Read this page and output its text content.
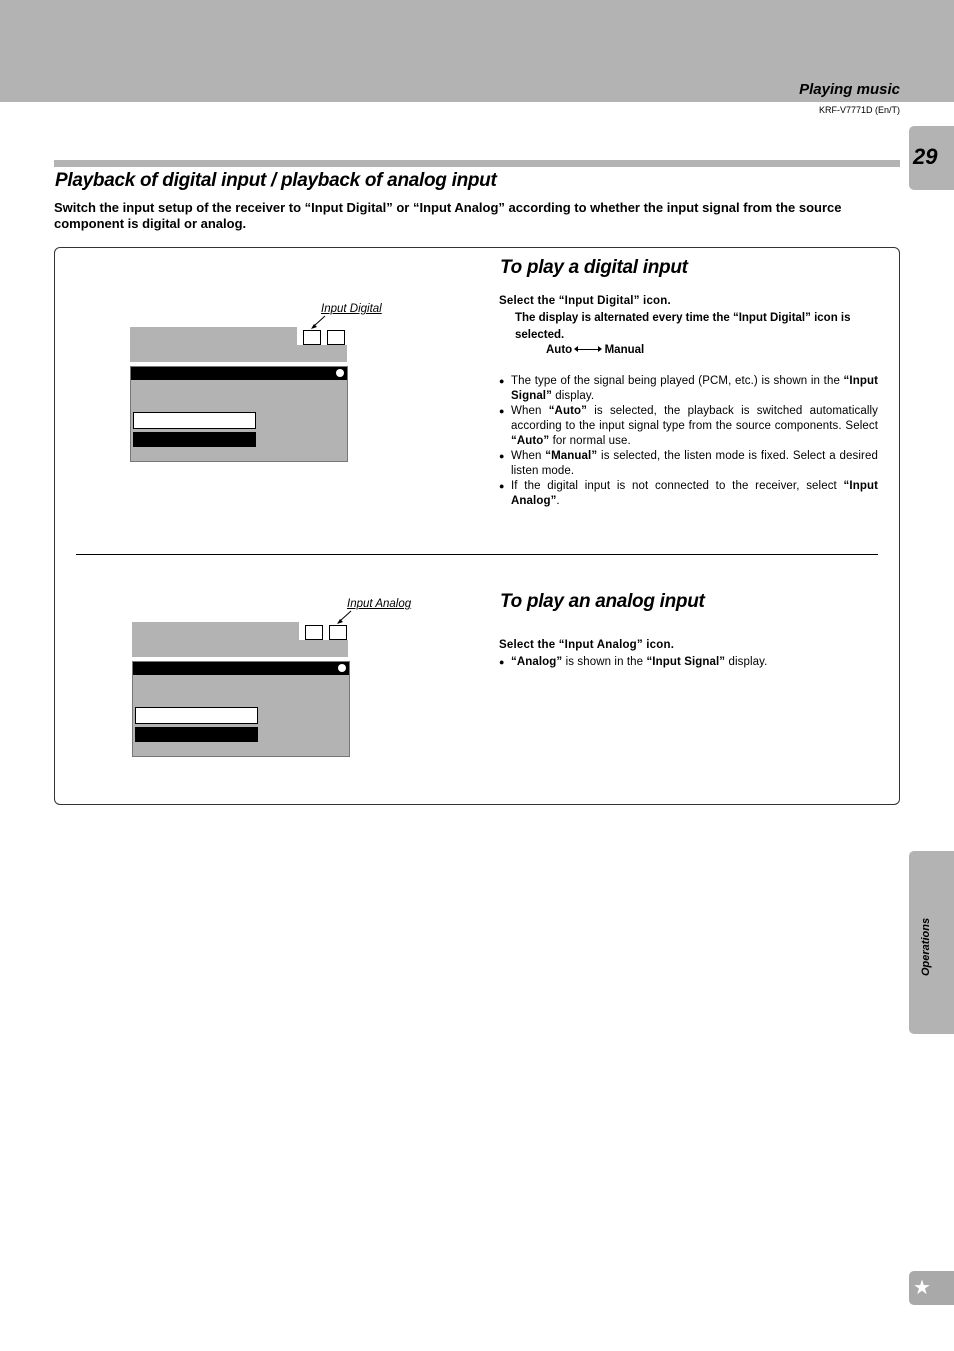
Playing music
KRF-V7771D (En/T)
29
Operations
★
Playback of digital input / playback of analog input
Switch the input setup of the receiver to “Input Digital” or “Input Analog” according to whether the input signal from the source component is digital or analog.
Input Digital
To play a digital input
Select the “Input Digital” icon.
The display is alternated every time the “Input Digital” icon is selected.
Auto	Manual
● The type of the signal being played (PCM, etc.) is shown in the “Input Signal” display.
● When “Auto” is selected, the playback is switched automatically according to the input signal type from the source components. Select “Auto” for normal use.
● When “Manual” is selected, the listen mode is fixed. Select a desired listen mode.
● If the digital input is not connected to the receiver, select “Input Analog”.
Input Analog	To play an analog input
Select the “Input Analog” icon.
● “Analog” is shown in the “Input Signal” display.
